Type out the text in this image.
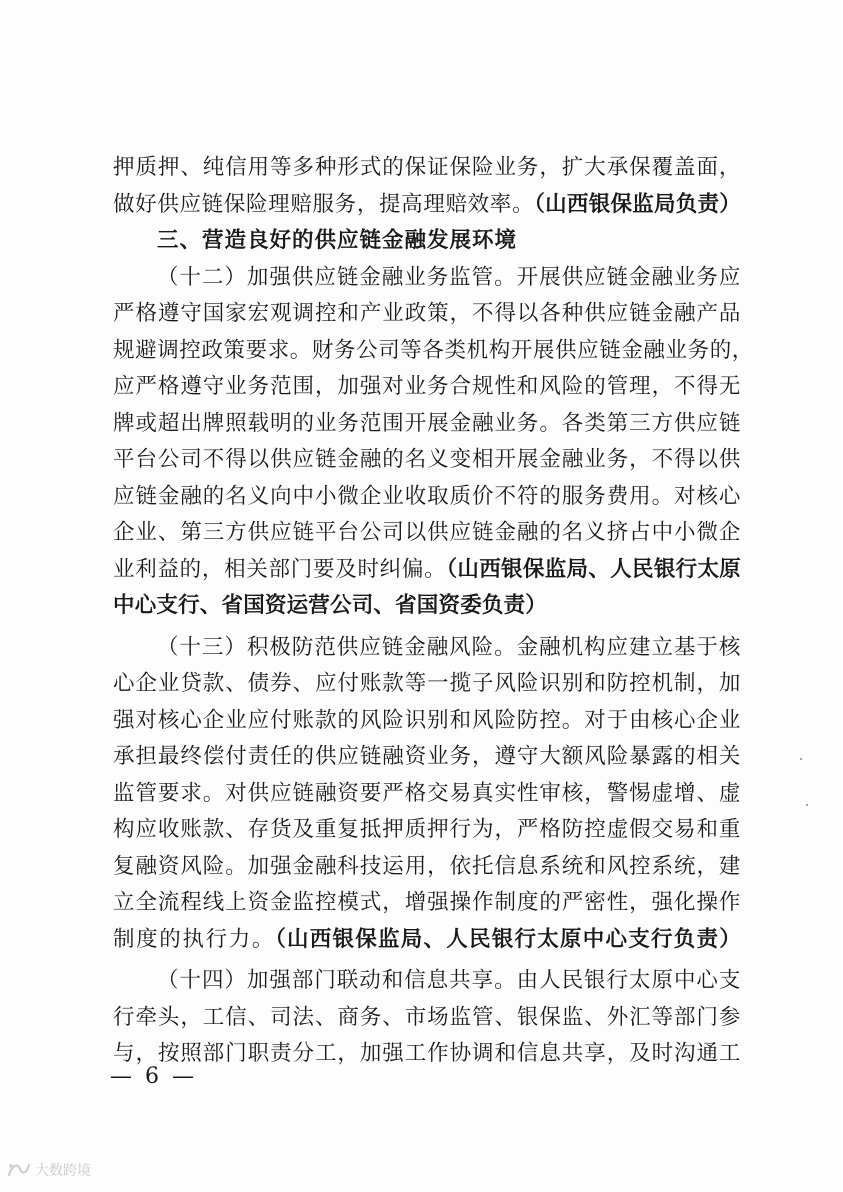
押质押、纯信用等多种形式的保证保险业务，扩大承保覆盖面，
做好供应链保险理赔服务，提高理赔效率。（山西银保监局负责）
三、营造良好的供应链金融发展环境
（十二）加强供应链金融业务监管。开展供应链金融业务应
严格遵守国家宏观调控和产业政策，不得以各种供应链金融产品
规避调控政策要求。财务公司等各类机构开展供应链金融业务的，
应严格遵守业务范围，加强对业务合规性和风险的管理，不得无
牌或超出牌照载明的业务范围开展金融业务。各类第三方供应链
平台公司不得以供应链金融的名义变相开展金融业务，不得以供
应链金融的名义向中小微企业收取质价不符的服务费用。对核心
企业、第三方供应链平台公司以供应链金融的名义挤占中小微企
业利益的，相关部门要及时纠偏。（山西银保监局、人民银行太原
中心支行、省国资运营公司、省国资委负责）
（十三）积极防范供应链金融风险。金融机构应建立基于核
心企业贷款、债券、应付账款等一揽子风险识别和防控机制，加
强对核心企业应付账款的风险识别和风险防控。对于由核心企业
承担最终偿付责任的供应链融资业务，遵守大额风险暴露的相关
监管要求。对供应链融资要严格交易真实性审核，警惕虚增、虚
构应收账款、存货及重复抵押质押行为，严格防控虚假交易和重
复融资风险。加强金融科技运用，依托信息系统和风控系统，建
立全流程线上资金监控模式，增强操作制度的严密性，强化操作
制度的执行力。（山西银保监局、人民银行太原中心支行负责）
（十四）加强部门联动和信息共享。由人民银行太原中心支
行牵头，工信、司法、商务、市场监管、银保监、外汇等部门参
与，按照部门职责分工，加强工作协调和信息共享，及时沟通工
— 6 —
大数跨境
